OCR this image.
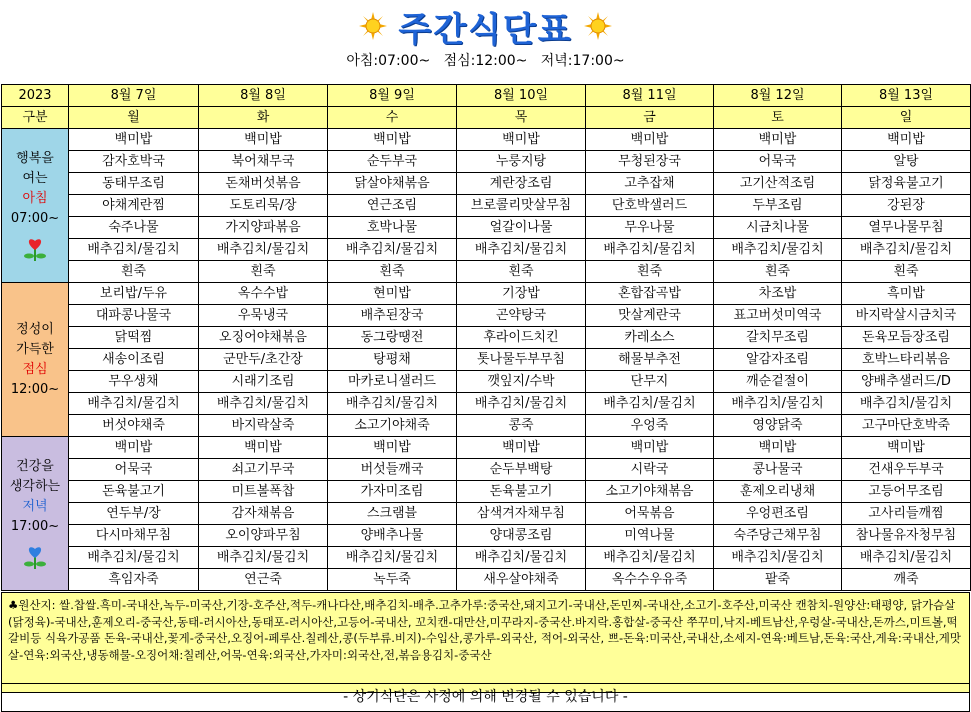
주간식단표
아침:07:00~   점심:12:00~   저녁:17:00~
2023	8월 7일	8월 8일	8월 9일	8월 10일	8월 11일	8월 12일	8월 13일
구분	월	화	수	목	금	토	일

행복을
여는
아침
07:00~	백미밥	백미밥	백미밥	백미밥	백미밥	백미밥	백미밥
	감자호박국	북어채무국	순두부국	누룽지탕	무청된장국	어묵국	알탕
	동태무조림	돈채버섯볶음	닭살야채볶음	계란장조림	고추잡채	고기산적조림	닭정육불고기
	야채계란찜	도토리묵/장	연근조림	브로콜리맛살무침	단호박샐러드	두부조림	강된장
	숙주나물	가지양파볶음	호박나물	얼갈이나물	무우나물	시금치나물	열무나물무침
	배추김치/물김치	배추김치/물김치	배추김치/물김치	배추김치/물김치	배추김치/물김치	배추김치/물김치	배추김치/물김치
	흰죽	흰죽	흰죽	흰죽	흰죽	흰죽	흰죽

정성이
가득한
점심
12:00~	보리밥/두유	옥수수밥	현미밥	기장밥	혼합잡곡밥	차조밥	흑미밥
	대파콩나물국	우묵냉국	배추된장국	곤약탕국	맛살계란국	표고버섯미역국	바지락살시금치국
	닭떡찜	오징어야채볶음	동그랑땡전	후라이드치킨	카레소스	갈치무조림	돈육모듬장조림
	새송이조림	군만두/초간장	탕평채	톳나물두부무침	해물부추전	알감자조림	호박느타리볶음
	무우생채	시래기조림	마카로니샐러드	깻잎지/수박	단무지	깨순겉절이	양배추샐러드/D
	배추김치/물김치	배추김치/물김치	배추김치/물김치	배추김치/물김치	배추김치/물김치	배추김치/물김치	배추김치/물김치
	버섯야채죽	바지락살죽	소고기야채죽	콩죽	우엉죽	영양닭죽	고구마단호박죽

건강을
생각하는
저녁
17:00~	백미밥	백미밥	백미밥	백미밥	백미밥	백미밥	백미밥
	어묵국	쇠고기무국	버섯들깨국	순두부백탕	시락국	콩나물국	건새우두부국
	돈육불고기	미트볼폭찹	가자미조림	돈육불고기	소고기야채볶음	훈제오리냉채	고등어무조림
	연두부/장	감자채볶음	스크램블	삼색겨자채무침	어묵볶음	우엉편조림	고사리들깨찜
	다시마채무침	오이양파무침	양배추나물	양대콩조림	미역나물	숙주당근채무침	참나물유자청무침
	배추김치/물김치	배추김치/물김치	배추김치/물김치	배추김치/물김치	배추김치/물김치	배추김치/물김치	배추김치/물김치
	흑임자죽	연근죽	녹두죽	새우살야채죽	옥수수우유죽	팥죽	깨죽
♣원산지: 쌀.찹쌀.흑미-국내산,녹두-미국산,기장-호주산,적두-캐나다산,배추김치-배추.고추가루:중국산,돼지고기-국내산,돈민찌-국내산,소고기-호주산,미국산 캔참치-원양산:태평양, 닭가슴살(닭정육)-국내산,훈제오리-중국산,동태-러시아산,동태포-러시아산,고등어-국내산, 꼬치캔-대만산,미꾸라지-중국산.바지락.홍합살-중국산 쭈꾸미,낙지-베트남산,우렁살-국내산,돈까스,미트볼,떡갈비등 식육가공품 돈육-국내산,꽃게-중국산,오징어-페루산.칠레산,콩(두부류.비지)-수입산,콩가루-외국산, 적어-외국산, 쁘-돈육:미국산,국내산,소세지-연육:베트남,돈육:국산,게육:국내산,게맛살-연육:외국산,냉동해물-오징어채:칠레산,어묵-연육:외국산,가자미:외국산,전,볶음용김치-중국산
- 상기식단은 사정에 의해 변경될 수 있습니다 -
